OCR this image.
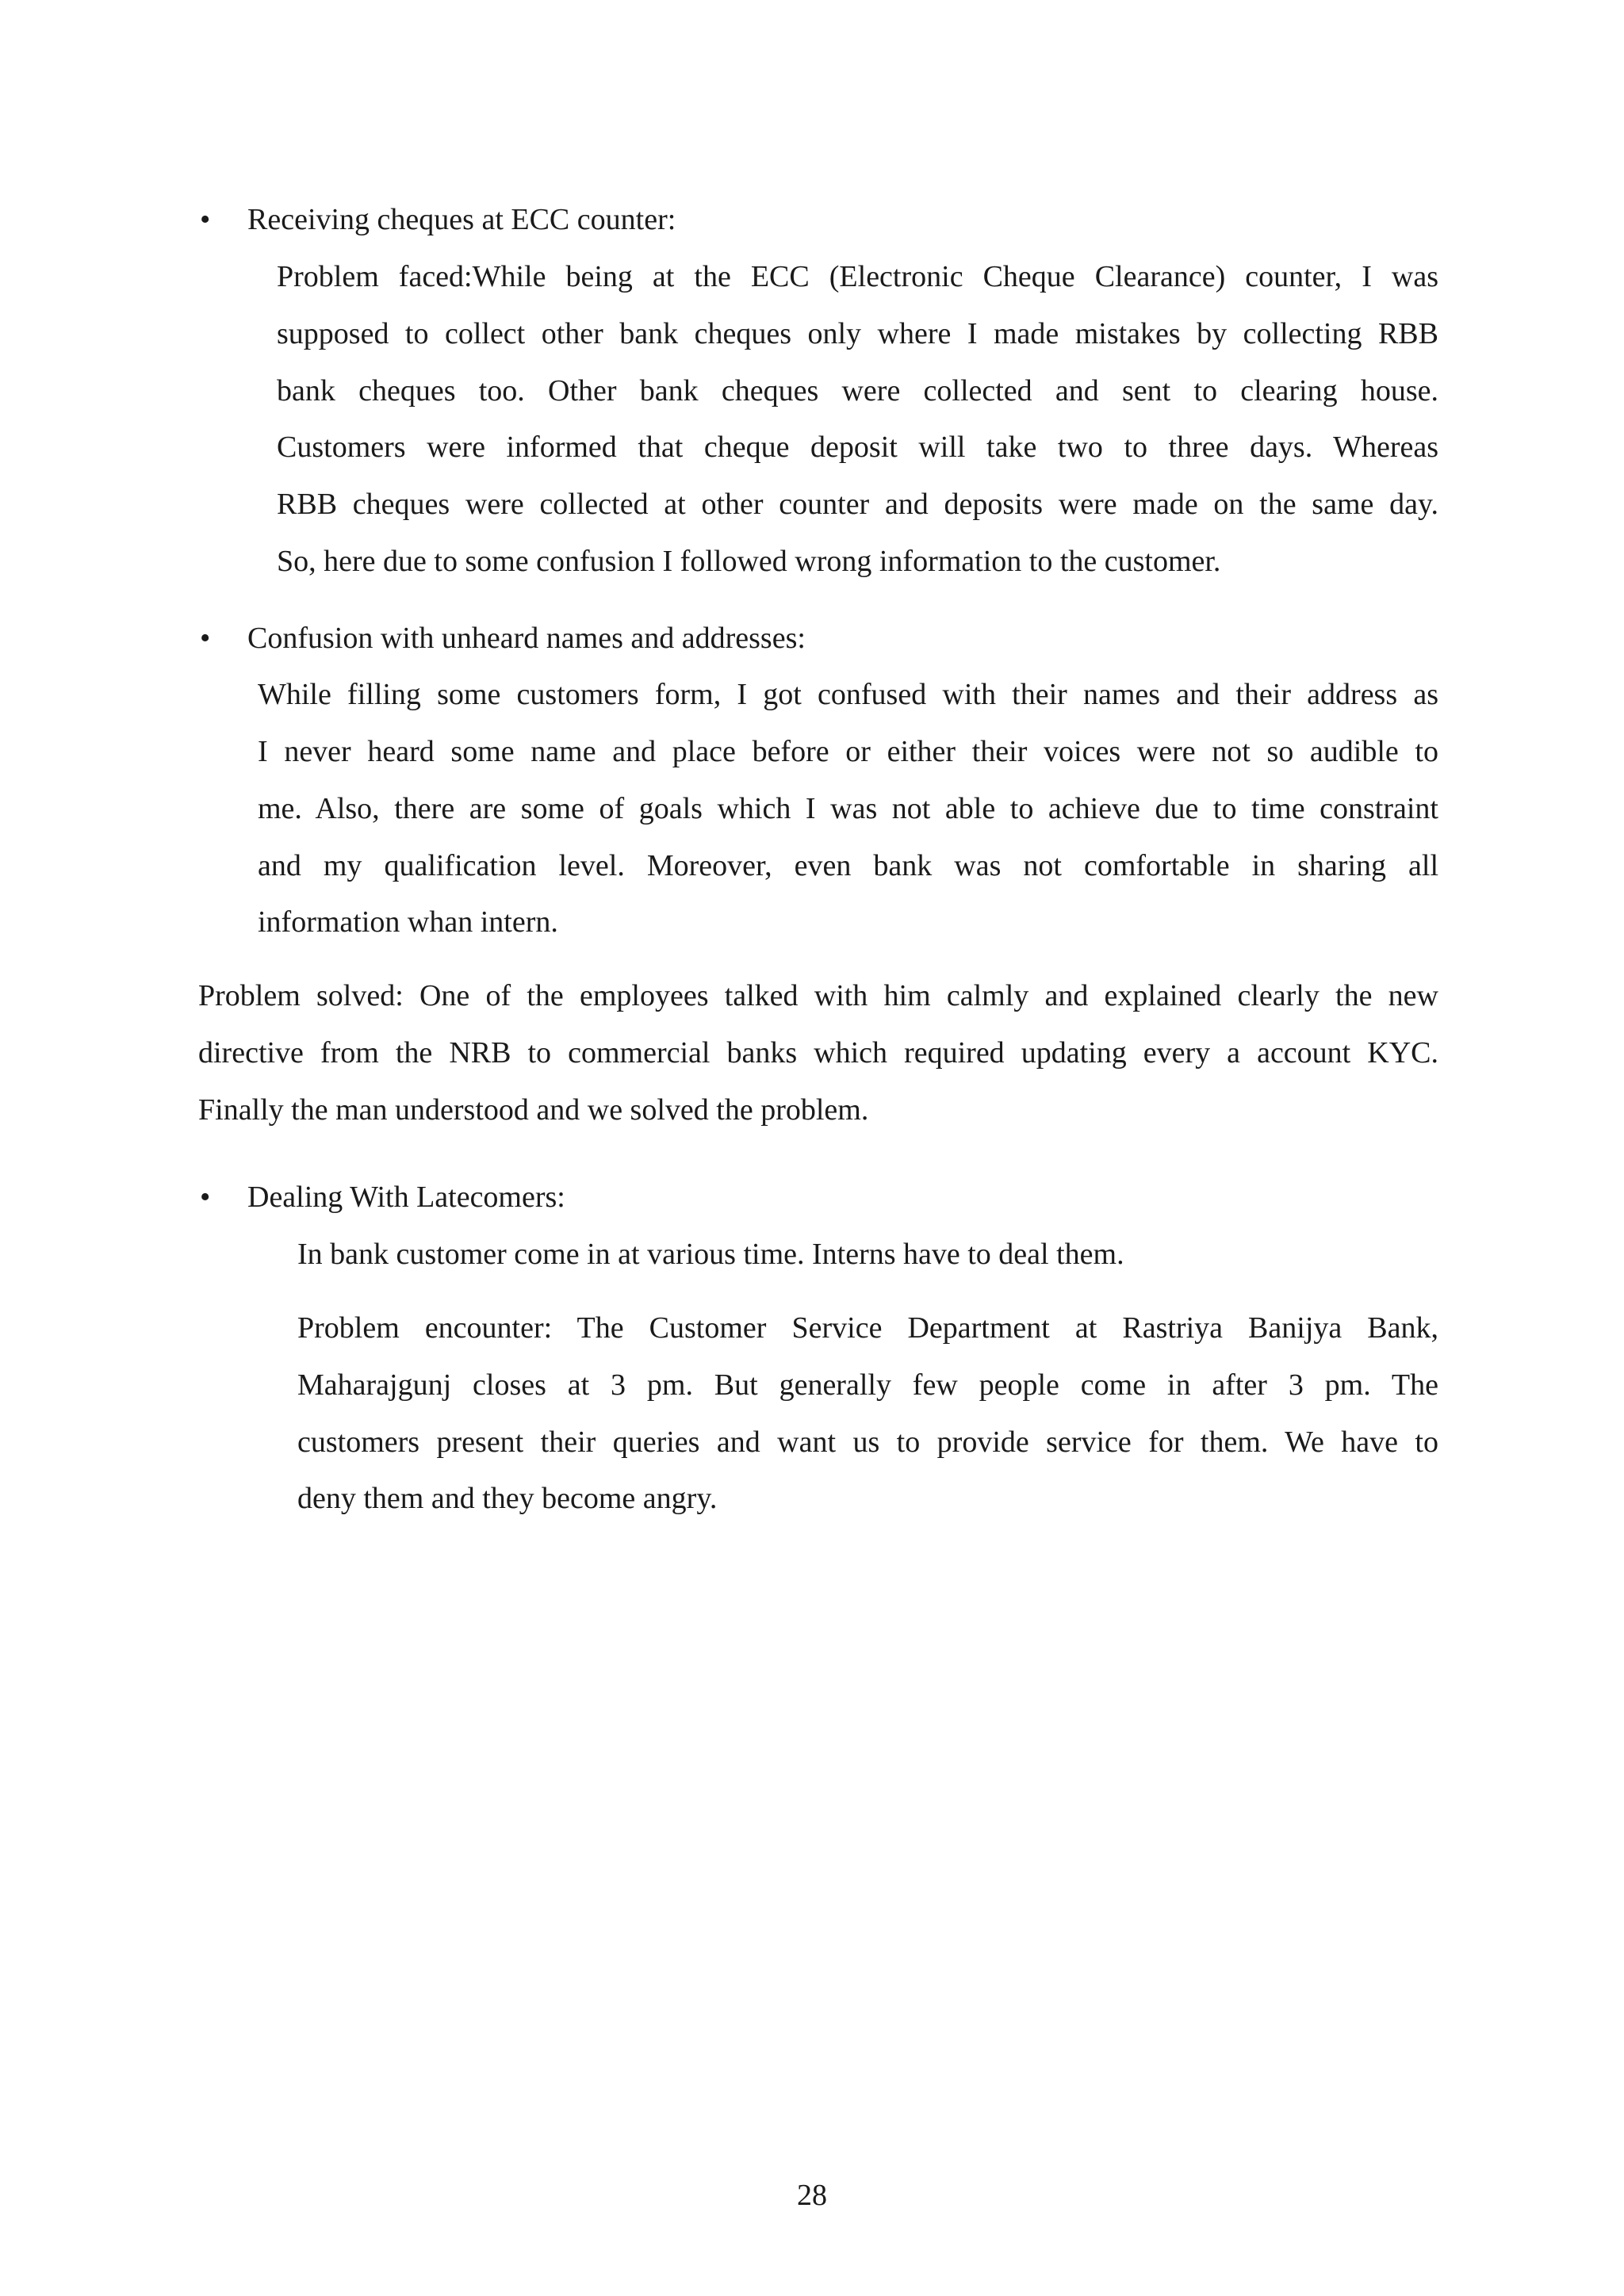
• Receiving cheques at ECC counter:
Problem faced:While being at the ECC (Electronic Cheque Clearance) counter, I was
supposed to collect other bank cheques only where I made mistakes by collecting RBB
bank cheques too. Other bank cheques were collected and sent to clearing house.
Customers were informed that cheque deposit will take two to three days. Whereas
RBB cheques were collected at other counter and deposits were made on the same day.
So, here due to some confusion I followed wrong information to the customer.
• Confusion with unheard names and addresses:
While filling some customers form, I got confused with their names and their address as
I never heard some name and place before or either their voices were not so audible to
me. Also, there are some of goals which I was not able to achieve due to time constraint
and my qualification level. Moreover, even bank was not comfortable in sharing all
information whan intern.
Problem solved: One of the employees talked with him calmly and explained clearly the new
directive from the NRB to commercial banks which required updating every a account KYC.
Finally the man understood and we solved the problem.
• Dealing With Latecomers:
In bank customer come in at various time. Interns have to deal them.
Problem encounter: The Customer Service Department at Rastriya Banijya Bank,
Maharajgunj closes at 3 pm. But generally few people come in after 3 pm. The
customers present their queries and want us to provide service for them. We have to
deny them and they become angry.
28
